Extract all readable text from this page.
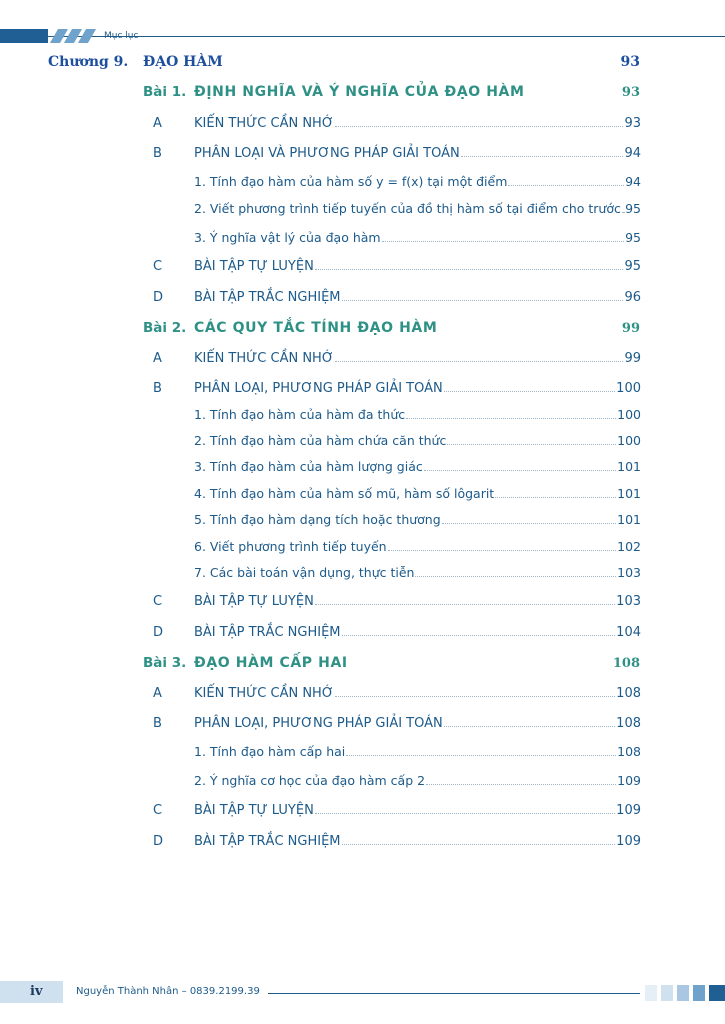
Mục lục
Chương 9. ĐẠO HÀM	93
Bài 1. ĐỊNH NGHĨA VÀ Ý NGHĨA CỦA ĐẠO HÀM	93
A KIẾN THỨC CẦN NHỚ	93
B PHÂN LOẠI VÀ PHƯƠNG PHÁP GIẢI TOÁN	94
1. Tính đạo hàm của hàm số y = f(x) tại một điểm	94
2. Viết phương trình tiếp tuyến của đồ thị hàm số tại điểm cho trước 95
3. Ý nghĩa vật lý của đạo hàm	95
C BÀI TẬP TỰ LUYỆN	95
D BÀI TẬP TRẮC NGHIỆM	96
Bài 2. CÁC QUY TẮC TÍNH ĐẠO HÀM	99
A KIẾN THỨC CẦN NHỚ	99
B PHÂN LOẠI, PHƯƠNG PHÁP GIẢI TOÁN	100
1. Tính đạo hàm của hàm đa thức	100
2. Tính đạo hàm của hàm chứa căn thức	100
3. Tính đạo hàm của hàm lượng giác	101
4. Tính đạo hàm của hàm số mũ, hàm số lôgarit	101
5. Tính đạo hàm dạng tích hoặc thương	101
6. Viết phương trình tiếp tuyến	102
7. Các bài toán vận dụng, thực tiễn	103
C BÀI TẬP TỰ LUYỆN	103
D BÀI TẬP TRẮC NGHIỆM	104
Bài 3. ĐẠO HÀM CẤP HAI	108
A KIẾN THỨC CẦN NHỚ	108
B PHÂN LOẠI, PHƯƠNG PHÁP GIẢI TOÁN	108
1. Tính đạo hàm cấp hai	108
2. Ý nghĩa cơ học của đạo hàm cấp 2	109
C BÀI TẬP TỰ LUYỆN	109
D BÀI TẬP TRẮC NGHIỆM	109
iv	Nguyễn Thành Nhân – 0839.2199.39
